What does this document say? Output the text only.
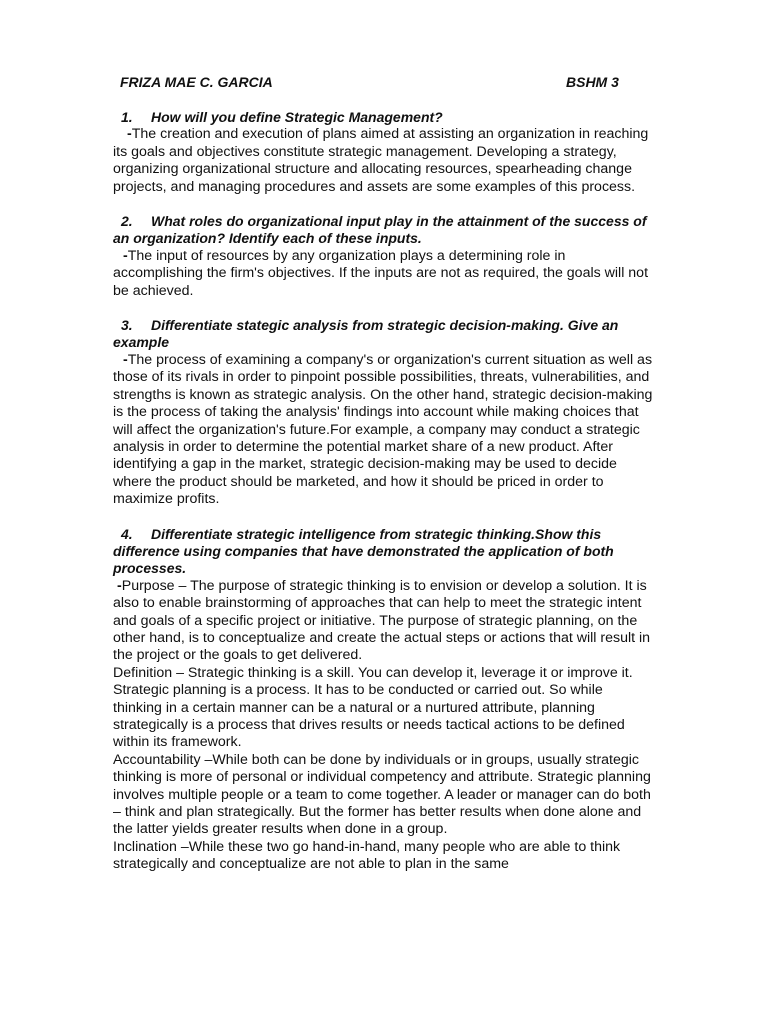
FRIZA MAE C. GARCIA	BSHM 3

1. How will you define Strategic Management?

-The creation and execution of plans aimed at assisting an organization in reaching its goals and objectives constitute strategic management. Developing a strategy, organizing organizational structure and allocating resources, spearheading change projects, and managing procedures and assets are some examples of this process.

2. What roles do organizational input play in the attainment of the success of an organization? Identify each of these inputs.

-The input of resources by any organization plays a determining role in accomplishing the firm's objectives. If the inputs are not as required, the goals will not be achieved.

3. Differentiate stategic analysis from strategic decision-making. Give an example

-The process of examining a company's or organization's current situation as well as those of its rivals in order to pinpoint possible possibilities, threats, vulnerabilities, and strengths is known as strategic analysis. On the other hand, strategic decision-making is the process of taking the analysis' findings into account while making choices that will affect the organization's future.For example, a company may conduct a strategic analysis in order to determine the potential market share of a new product. After identifying a gap in the market, strategic decision-making may be used to decide where the product should be marketed, and how it should be priced in order to maximize profits.

4. Differentiate strategic intelligence from strategic thinking.Show this difference using companies that have demonstrated the application of both processes.

-Purpose – The purpose of strategic thinking is to envision or develop a solution. It is also to enable brainstorming of approaches that can help to meet the strategic intent and goals of a specific project or initiative. The purpose of strategic planning, on the other hand, is to conceptualize and create the actual steps or actions that will result in the project or the goals to get delivered.

Definition – Strategic thinking is a skill. You can develop it, leverage it or improve it. Strategic planning is a process. It has to be conducted or carried out. So while thinking in a certain manner can be a natural or a nurtured attribute, planning strategically is a process that drives results or needs tactical actions to be defined within its framework.

Accountability –While both can be done by individuals or in groups, usually strategic thinking is more of personal or individual competency and attribute. Strategic planning involves multiple people or a team to come together. A leader or manager can do both – think and plan strategically. But the former has better results when done alone and the latter yields greater results when done in a group.

Inclination –While these two go hand-in-hand, many people who are able to think strategically and conceptualize are not able to plan in the same
